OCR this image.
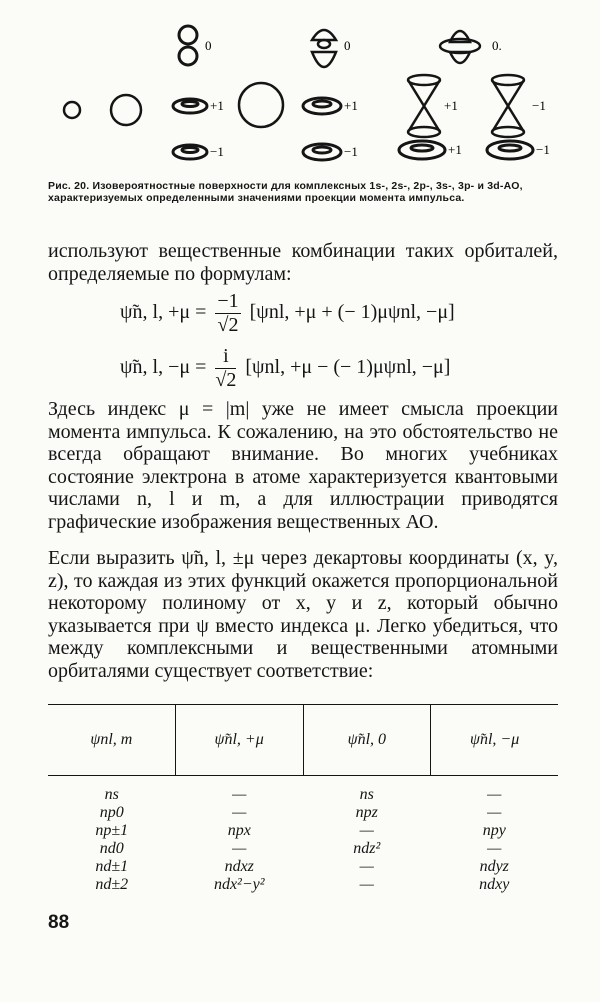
0	0	0.
+1	+1	+1	−1
−1	−1	+1	−1
Рис. 20. Изовероятностные поверхности для комплексных 1s-, 2s-, 2p-, 3s-, 3p- и 3d-АО, характеризуемых определенными значениями проекции момента импульса.
используют вещественные комбинации таких орбиталей, определяемые по формулам:
ψ̃n, l, $+\mu = \frac{-1}{√2} [\psi nl$, +μ + (− 1)μψnl, −μ]
ψ̃n, l, $-\mu = \frac{i}{√2} [\psi nl$, +μ − (− 1)μψnl, −μ]
Здесь индекс μ = |m| уже не имеет смысла проекции момента импульса. К сожалению, на это обстоятельство не всегда обращают внимание. Во многих учебниках состояние электрона в атоме характеризуется квантовыми числами n, l и m, а для иллюстрации приводятся графические изображения вещественных АО.
Если выразить ψ̃n, l, ±μ через декартовы координаты (x, y, z), то каждая из этих функций окажется пропорциональной некоторому полиному от x, y и z, который обычно указывается при ψ вместо индекса μ. Легко убедиться, что между комплексными и вещественными атомными орбиталями существует соответствие:
ψnl, m	ψ̃nl, +μ	ψ̃nl, 0	ψ̃nl, −μ
ns	—	ns	—
np0	—	npz	—
np±1	npx	—	npy
nd0	—	ndz²	—
nd±1	ndxz	—	ndyz
nd±2	ndx²−y²	—	ndxy
88
